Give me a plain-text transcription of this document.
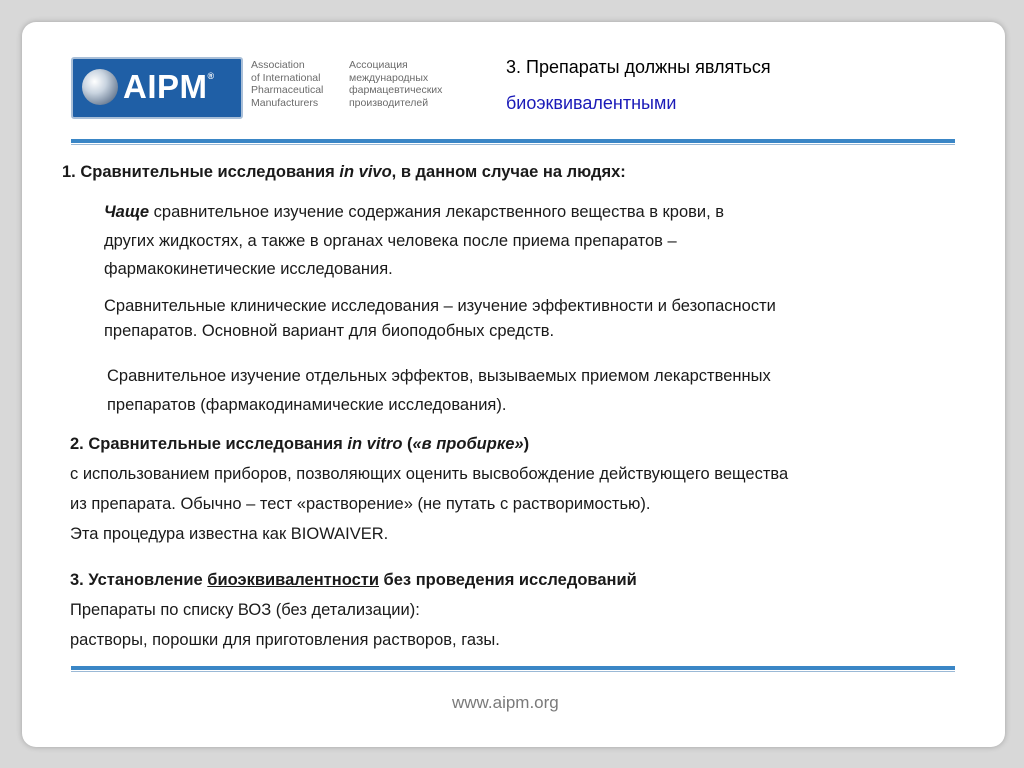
AIPM®
Association
of International
Pharmaceutical
Manufacturers
Ассоциация
международных
фармацевтических
производителей
3. Препараты должны являться
биоэквивалентными
1. Сравнительные исследования in vivo, в данном случае на людях:
Чаще сравнительное изучение содержания лекарственного вещества в крови, в
других жидкостях, а также в органах человека после приема препаратов –
фармакокинетические исследования.
Сравнительные клинические исследования – изучение эффективности и безопасности
препаратов. Основной вариант для биоподобных средств.
Сравнительное изучение отдельных эффектов, вызываемых приемом лекарственных
препаратов (фармакодинамические исследования).
2. Сравнительные исследования in vitro («в пробирке»)
с использованием приборов, позволяющих оценить высвобождение действующего вещества
из препарата. Обычно – тест «растворение» (не путать с растворимостью).
Эта процедура известна как BIOWAIVER.
3. Установление биоэквивалентности без проведения исследований
Препараты по списку ВОЗ (без детализации):
растворы, порошки для приготовления растворов, газы.
www.aipm.org
